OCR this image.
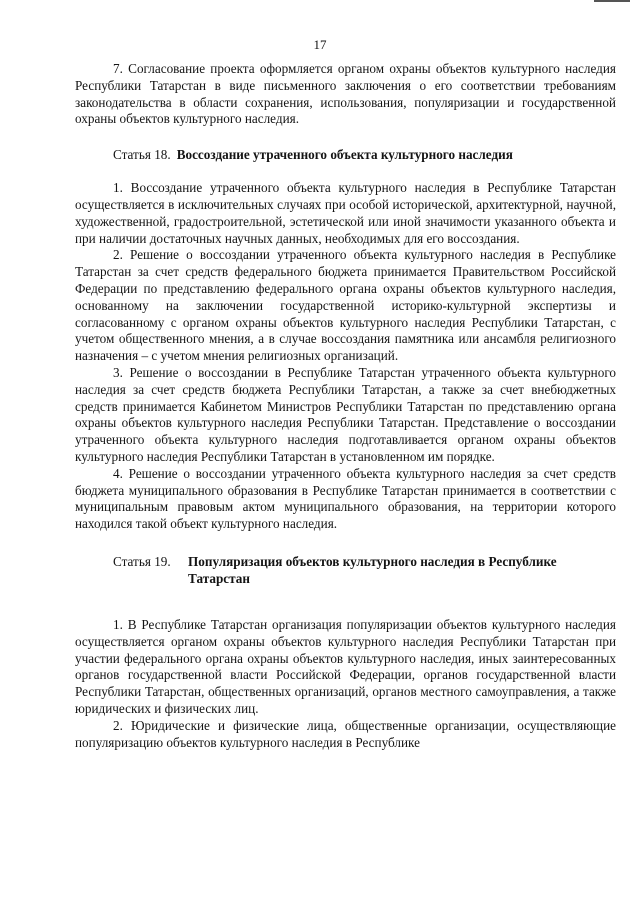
17

7. Согласование проекта оформляется органом охраны объектов культурного наследия Республики Татарстан в виде письменного заключения о его соответствии требованиям законодательства в области сохранения, использования, популяризации и государственной охраны объектов культурного наследия.

Статья 18. Воссоздание утраченного объекта культурного наследия

1. Воссоздание утраченного объекта культурного наследия в Республике Татарстан осуществляется в исключительных случаях при особой исторической, архитектурной, научной, художественной, градостроительной, эстетической или иной значимости указанного объекта и при наличии достаточных научных данных, необходимых для его воссоздания.

2. Решение о воссоздании утраченного объекта культурного наследия в Республике Татарстан за счет средств федерального бюджета принимается Правительством Российской Федерации по представлению федерального органа охраны объектов культурного наследия, основанному на заключении государственной историко-культурной экспертизы и согласованному с органом охраны объектов культурного наследия Республики Татарстан, с учетом общественного мнения, а в случае воссоздания памятника или ансамбля религиозного назначения – с учетом мнения религиозных организаций.

3. Решение о воссоздании в Республике Татарстан утраченного объекта культурного наследия за счет средств бюджета Республики Татарстан, а также за счет внебюджетных средств принимается Кабинетом Министров Республики Татарстан по представлению органа охраны объектов культурного наследия Республики Татарстан. Представление о воссоздании утраченного объекта культурного наследия подготавливается органом охраны объектов культурного наследия Республики Татарстан в установленном им порядке.

4. Решение о воссоздании утраченного объекта культурного наследия за счет средств бюджета муниципального образования в Республике Татарстан принимается в соответствии с муниципальным правовым актом муниципального образования, на территории которого находился такой объект культурного наследия.

Статья 19.	Популяризация объектов культурного наследия в Республике Татарстан

1. В Республике Татарстан организация популяризации объектов культурного наследия осуществляется органом охраны объектов культурного наследия Республики Татарстан при участии федерального органа охраны объектов культурного наследия, иных заинтересованных органов государственной власти Российской Федерации, органов государственной власти Республики Татарстан, общественных организаций, органов местного самоуправления, а также юридических и физических лиц.

2. Юридические и физические лица, общественные организации, осуществляющие популяризацию объектов культурного наследия в Республике
